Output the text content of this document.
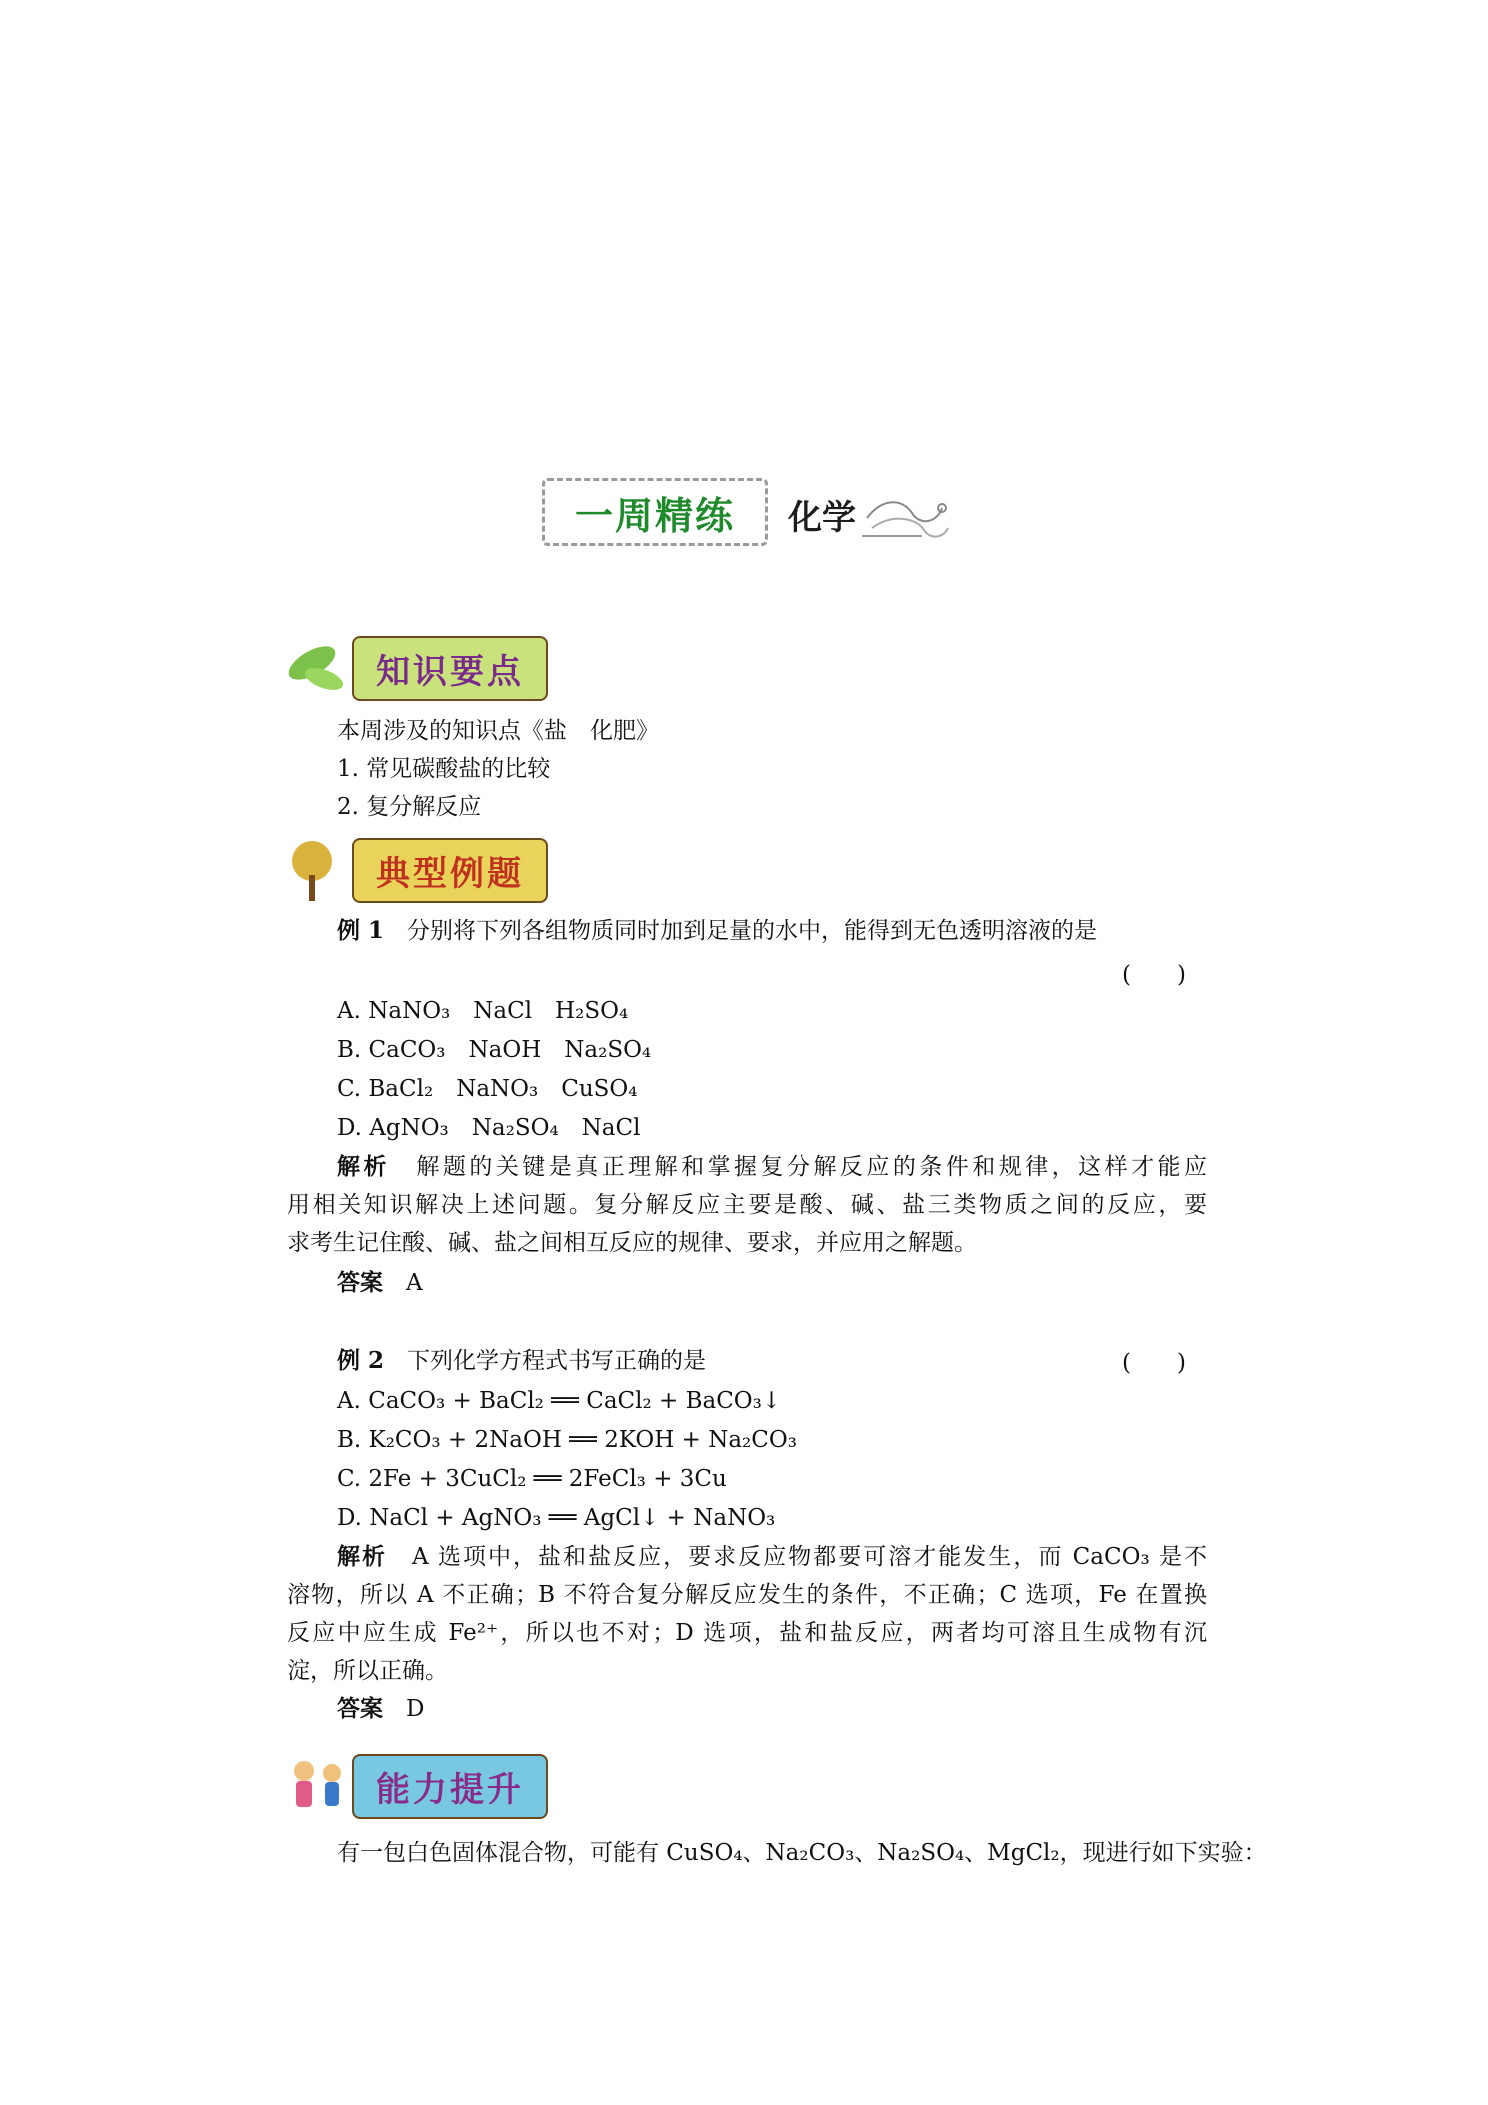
一周精练 化学
知识要点
本周涉及的知识点《盐　化肥》
1. 常见碳酸盐的比较
2. 复分解反应
典型例题
例 1　 分别将下列各组物质同时加到足量的水中，能得到无色透明溶液的是
(　　)
A. NaNO₃　NaCl　H₂SO₄
B. CaCO₃　NaOH　Na₂SO₄
C. BaCl₂　NaNO₃　CuSO₄
D. AgNO₃　Na₂SO₄　NaCl
解析　 解题的关键是真正理解和掌握复分解反应的条件和规律，这样才能应
用相关知识解决上述问题。复分解反应主要是酸、碱、盐三类物质之间的反应，要
求考生记住酸、碱、盐之间相互反应的规律、要求，并应用之解题。
答案　 A
例 2　 下列化学方程式书写正确的是	(　　)
A. CaCO₃ + BaCl₂ ══ CaCl₂ + BaCO₃↓
B. K₂CO₃ + 2NaOH ══ 2KOH + Na₂CO₃
C. 2Fe + 3CuCl₂ ══ 2FeCl₃ + 3Cu
D. NaCl + AgNO₃ ══ AgCl↓ + NaNO₃
解析　 A 选项中，盐和盐反应，要求反应物都要可溶才能发生，而 CaCO₃ 是不
溶物，所以 A 不正确；B 不符合复分解反应发生的条件，不正确；C 选项，Fe 在置换
反应中应生成 Fe²⁺，所以也不对；D 选项，盐和盐反应，两者均可溶且生成物有沉
淀，所以正确。
答案　 D
能力提升
有一包白色固体混合物，可能有 CuSO₄、Na₂CO₃、Na₂SO₄、MgCl₂，现进行如下实验：
